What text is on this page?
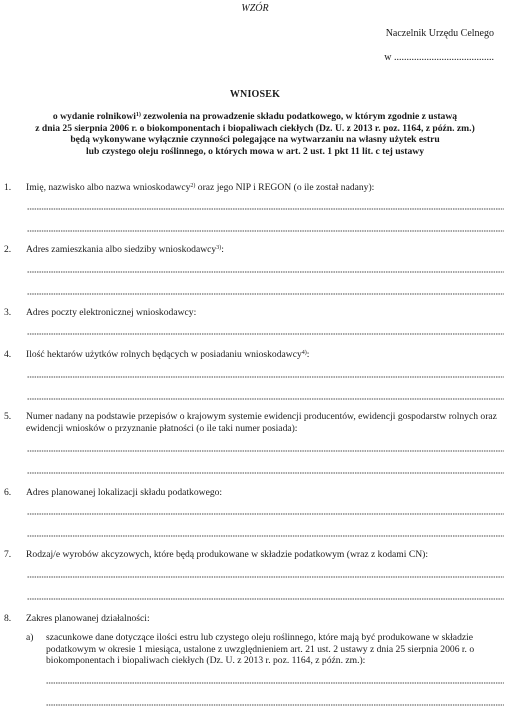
WZÓR
Naczelnik Urzędu Celnego
w ........................................
WNIOSEK
o wydanie rolnikowi$^{1)}$ zezwolenia na prowadzenie składu podatkowego, w którym zgodnie z ustawą
z dnia 25 sierpnia 2006 r. o biokomponentach i biopaliwach ciekłych (Dz. U. z 2013 r. poz. 1164, z późn. zm.)
będą wykonywane wyłącznie czynności polegające na wytwarzaniu na własny użytek estru
lub czystego oleju roślinnego, o których mowa w art. 2 ust. 1 pkt 11 lit. c tej ustawy
1.	Imię, nazwisko albo nazwa wnioskodawcy$^{2)}$ oraz jego NIP i REGON (o ile został nadany):
2.	Adres zamieszkania albo siedziby wnioskodawcy$^{3)}$:
3.	Adres poczty elektronicznej wnioskodawcy:
4.	Ilość hektarów użytków rolnych będących w posiadaniu wnioskodawcy$^{4)}$:
5.	Numer nadany na podstawie przepisów o krajowym systemie ewidencji producentów, ewidencji gospodarstw rolnych oraz ewidencji wniosków o przyznanie płatności (o ile taki numer posiada):
6.	Adres planowanej lokalizacji składu podatkowego:
7.	Rodzaj/e wyrobów akcyzowych, które będą produkowane w składzie podatkowym (wraz z kodami CN):
8.	Zakres planowanej działalności:
a) szacunkowe dane dotyczące ilości estru lub czystego oleju roślinnego, które mają być produkowane w składzie podatkowym w okresie 1 miesiąca, ustalone z uwzględnieniem art. 21 ust. 2 ustawy z dnia 25 sierpnia 2006 r. o biokomponentach i biopaliwach ciekłych (Dz. U. z 2013 r. poz. 1164, z późn. zm.):
